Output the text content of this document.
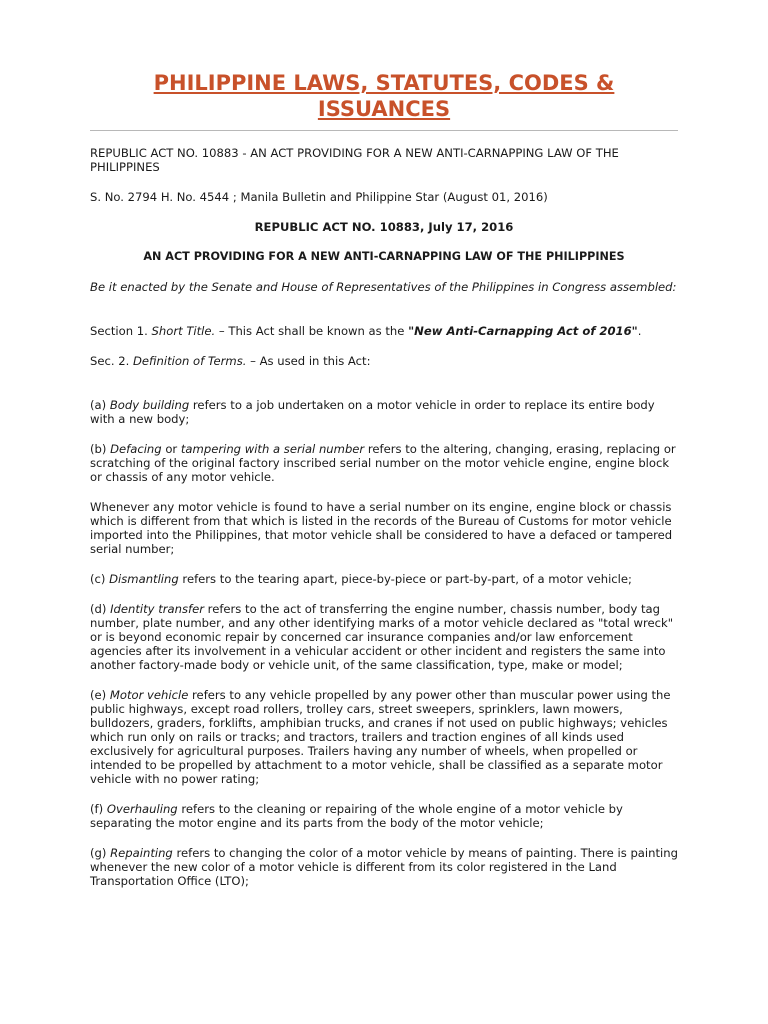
PHILIPPINE LAWS, STATUTES, CODES &
ISSUANCES

REPUBLIC ACT NO. 10883 - AN ACT PROVIDING FOR A NEW ANTI-CARNAPPING LAW OF THE PHILIPPINES

S. No. 2794 H. No. 4544 ; Manila Bulletin and Philippine Star (August 01, 2016)

REPUBLIC ACT NO. 10883, July 17, 2016

AN ACT PROVIDING FOR A NEW ANTI-CARNAPPING LAW OF THE PHILIPPINES

Be it enacted by the Senate and House of Representatives of the Philippines in Congress assembled:

Section 1. Short Title. – This Act shall be known as the "New Anti-Carnapping Act of 2016".

Sec. 2. Definition of Terms. – As used in this Act:

(a) Body building refers to a job undertaken on a motor vehicle in order to replace its entire body with a new body;

(b) Defacing or tampering with a serial number refers to the altering, changing, erasing, replacing or scratching of the original factory inscribed serial number on the motor vehicle engine, engine block or chassis of any motor vehicle.

Whenever any motor vehicle is found to have a serial number on its engine, engine block or chassis which is different from that which is listed in the records of the Bureau of Customs for motor vehicle imported into the Philippines, that motor vehicle shall be considered to have a defaced or tampered serial number;

(c) Dismantling refers to the tearing apart, piece-by-piece or part-by-part, of a motor vehicle;

(d) Identity transfer refers to the act of transferring the engine number, chassis number, body tag number, plate number, and any other identifying marks of a motor vehicle declared as "total wreck" or is beyond economic repair by concerned car insurance companies and/or law enforcement agencies after its involvement in a vehicular accident or other incident and registers the same into another factory-made body or vehicle unit, of the same classification, type, make or model;

(e) Motor vehicle refers to any vehicle propelled by any power other than muscular power using the public highways, except road rollers, trolley cars, street sweepers, sprinklers, lawn mowers, bulldozers, graders, forklifts, amphibian trucks, and cranes if not used on public highways; vehicles which run only on rails or tracks; and tractors, trailers and traction engines of all kinds used exclusively for agricultural purposes. Trailers having any number of wheels, when propelled or intended to be propelled by attachment to a motor vehicle, shall be classified as a separate motor vehicle with no power rating;

(f) Overhauling refers to the cleaning or repairing of the whole engine of a motor vehicle by separating the motor engine and its parts from the body of the motor vehicle;

(g) Repainting refers to changing the color of a motor vehicle by means of painting. There is painting whenever the new color of a motor vehicle is different from its color registered in the Land Transportation Office (LTO);
